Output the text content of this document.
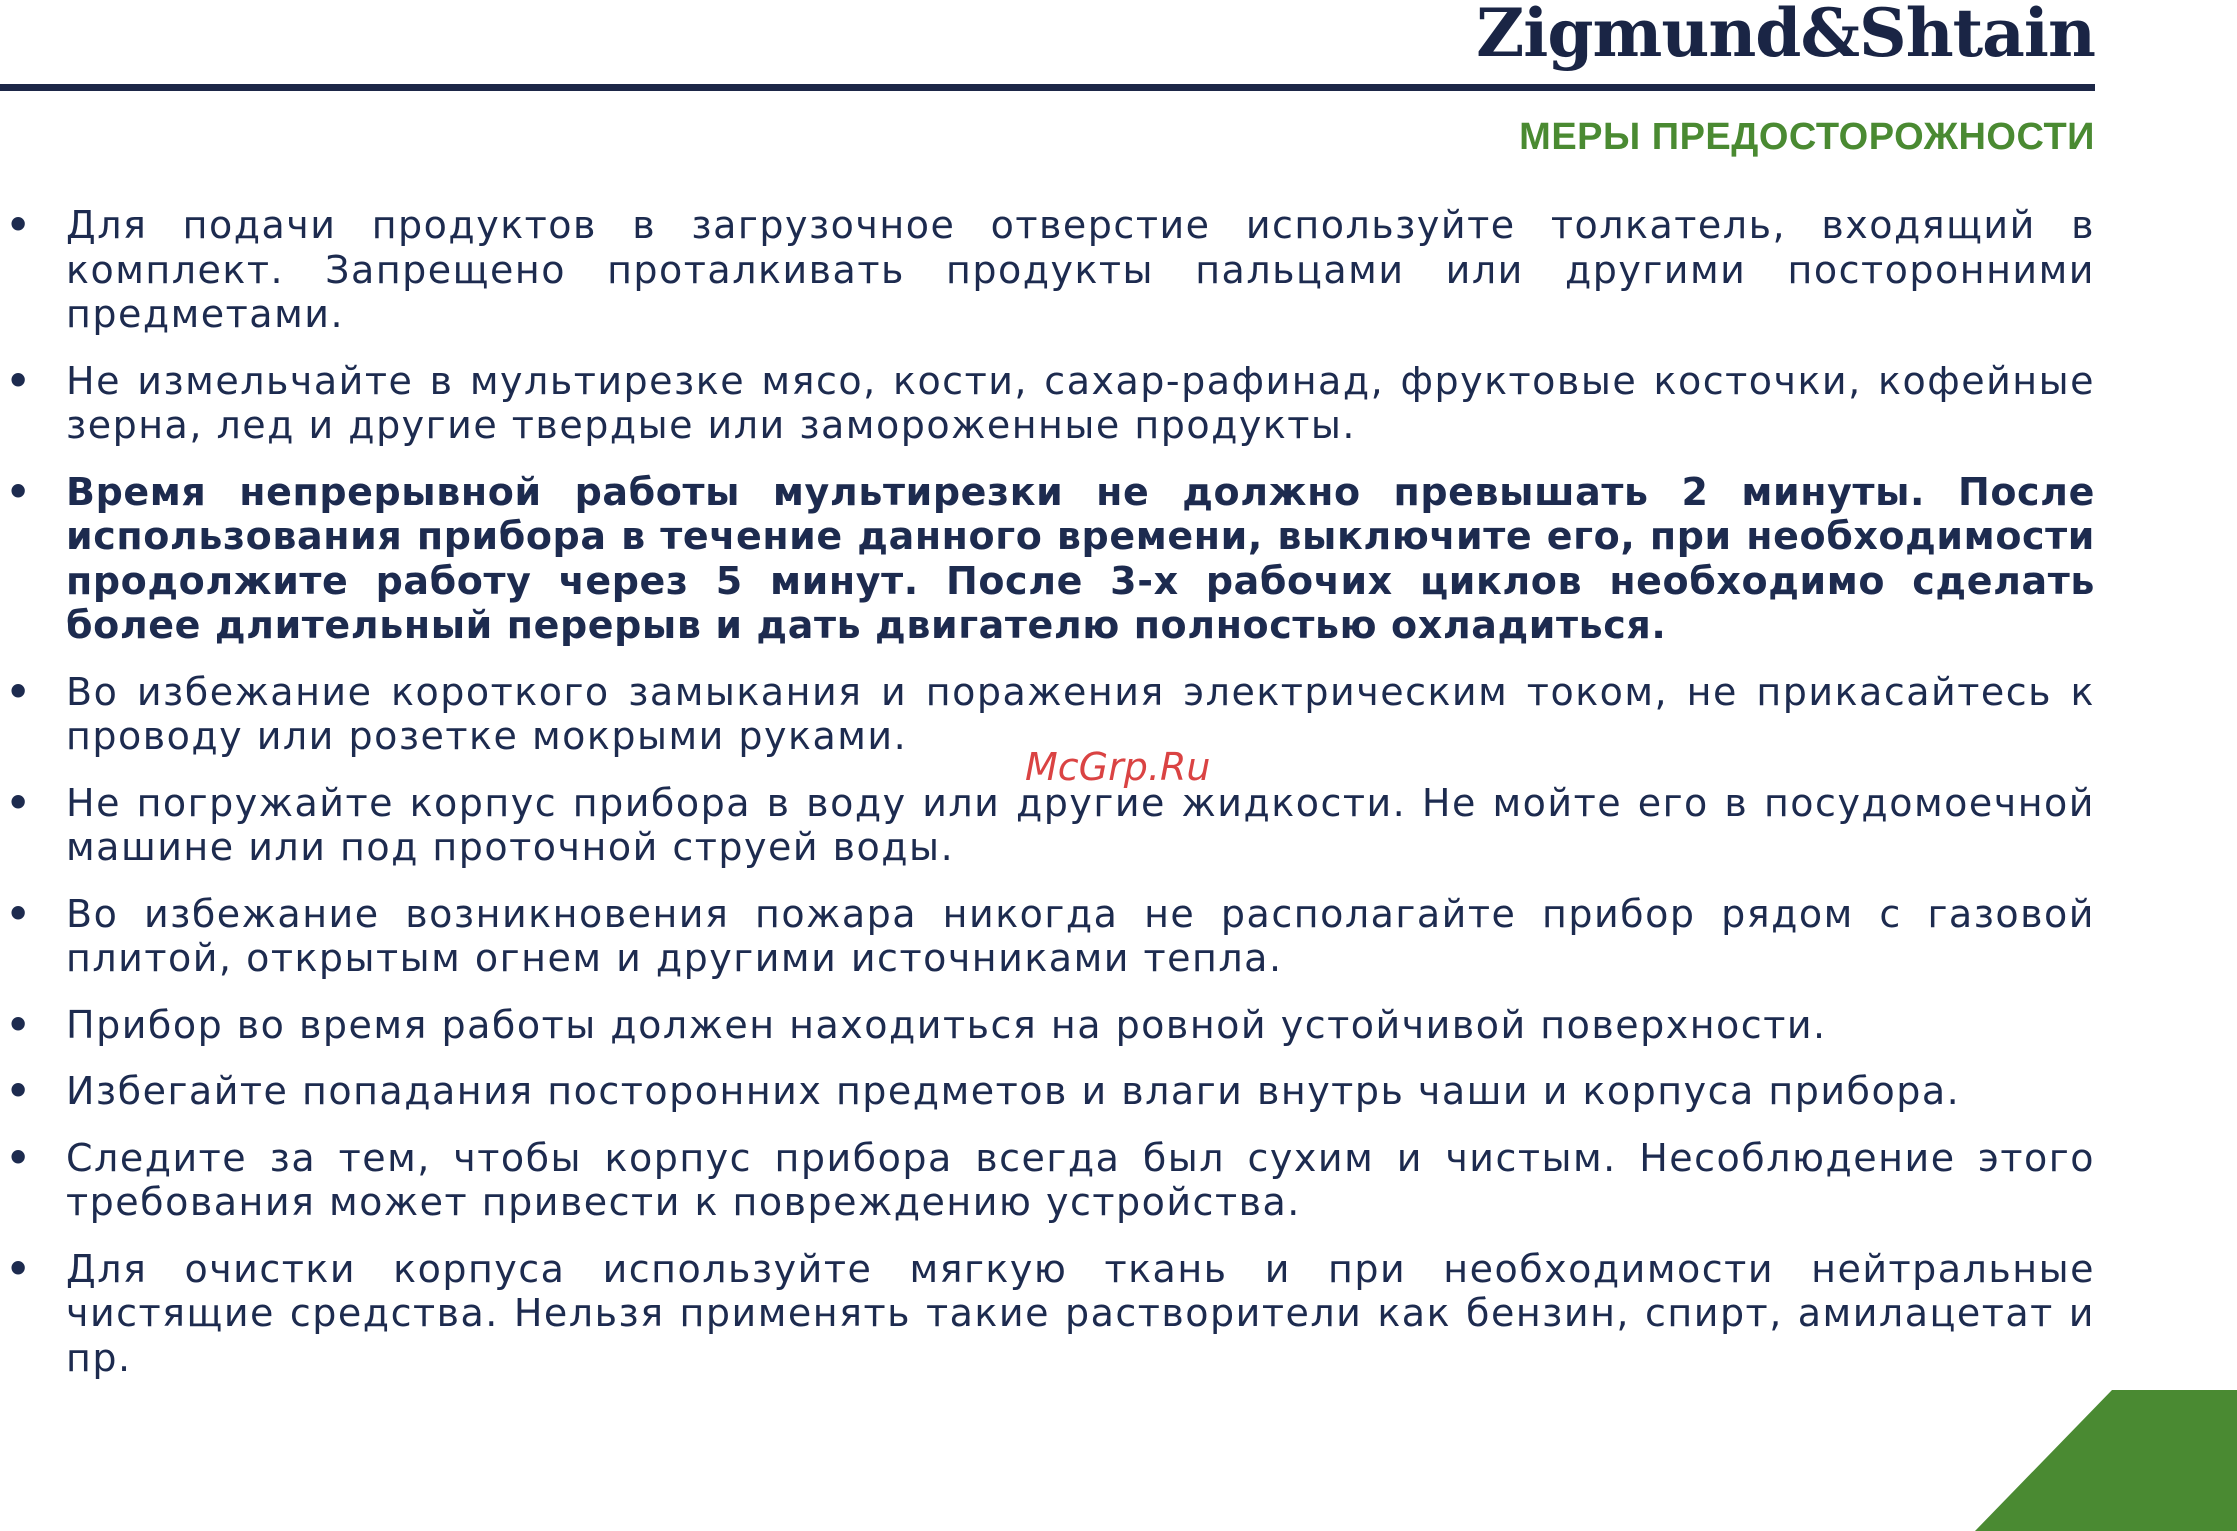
Zigmund&Shtain
МЕРЫ ПРЕДОСТОРОЖНОСТИ
• Для подачи продуктов в загрузочное отверстие используйте толкатель, входящий в комплект. Запрещено проталкивать продукты пальцами или другими посторонними предметами.
• Не измельчайте в мультирезке мясо, кости, сахар-рафинад, фруктовые косточки, кофейные зерна, лед и другие твердые или замороженные продукты.
• Время непрерывной работы мультирезки не должно превышать 2 минуты. После использования прибора в течение данного времени, выключите его, при необходимости продолжите работу через 5 минут. После 3-х рабочих циклов необходимо сделать более длительный перерыв и дать двигателю полностью охладиться.
• Во избежание короткого замыкания и поражения электрическим током, не прикасайтесь к проводу или розетке мокрыми руками.
• Не погружайте корпус прибора в воду или другие жидкости. Не мойте его в посудомоечной машине или под проточной струей воды.
• Во избежание возникновения пожара никогда не располагайте прибор рядом с газовой плитой, открытым огнем и другими источниками тепла.
• Прибор во время работы должен находиться на ровной устойчивой поверхности.
• Избегайте попадания посторонних предметов и влаги внутрь чаши и корпуса прибора.
• Следите за тем, чтобы корпус прибора всегда был сухим и чистым. Несоблюдение этого требования может привести к повреждению устройства.
• Для очистки корпуса используйте мягкую ткань и при необходимости нейтральные чистящие средства. Нельзя применять такие растворители как бензин, спирт, амилацетат и пр.
McGrp.Ru
